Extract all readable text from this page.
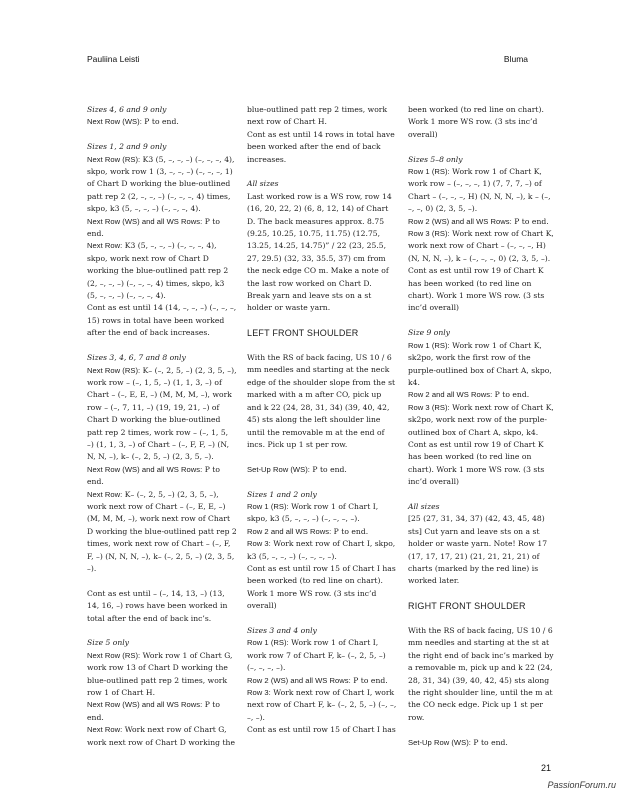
Pauliina Leisti	Bluma

Sizes 4, 6 and 9 only

Next Row (WS): P to end.

Sizes 1, 2 and 9 only

Next Row (RS): K3 (5, –, –, –) (–, –, –, 4), skpo, work row 1 (3, –, –, –) (–, –, –, 1) of Chart D working the blue-outlined patt rep 2 (2, –, –, –) (–, –, –, 4) times, skpo, k3 (5, –, –, –) (–, –, –, 4).

Next Row (WS) and all WS Rows: P to end.

Next Row: K3 (5, –, –, –) (–, –, –, 4), skpo, work next row of Chart D working the blue-outlined patt rep 2 (2, –, –, –) (–, –, –, 4) times, skpo, k3 (5, –, –, –) (–, –, –, 4).

Cont as est until 14 (14, –, –, –) (–, –, –, 15) rows in total have been worked after the end of back increases.

Sizes 3, 4, 6, 7 and 8 only

Next Row (RS): K– (–, 2, 5, –) (2, 3, 5, –), work row – (–, 1, 5, –) (1, 1, 3, –) of Chart – (–, E, E, –) (M, M, M, –), work row – (–, 7, 11, –) (19, 19, 21, –) of Chart D working the blue-outlined patt rep 2 times, work row – (–, 1, 5, –) (1, 1, 3, –) of Chart – (–, F, F, –) (N, N, N, –), k– (–, 2, 5, –) (2, 3, 5, –).

Next Row (WS) and all WS Rows: P to end.

Next Row: K– (–, 2, 5, –) (2, 3, 5, –), work next row of Chart – (–, E, E, –) (M, M, M, –), work next row of Chart D working the blue-outlined patt rep 2 times, work next row of Chart – (–, F, F, –) (N, N, N, –), k– (–, 2, 5, –) (2, 3, 5, –).

Cont as est until – (–, 14, 13, –) (13, 14, 16, –) rows have been worked in total after the end of back inc’s.

Size 5 only

Next Row (RS): Work row 1 of Chart G, work row 13 of Chart D working the blue-outlined patt rep 2 times, work row 1 of Chart H.

Next Row (WS) and all WS Rows: P to end.

Next Row: Work next row of Chart G, work next row of Chart D working the

blue-outlined patt rep 2 times, work next row of Chart H.

Cont as est until 14 rows in total have been worked after the end of back increases.

All sizes

Last worked row is a WS row, row 14 (16, 20, 22, 2) (6, 8, 12, 14) of Chart D. The back measures approx. 8.75 (9.25, 10.25, 10.75, 11.75) (12.75, 13.25, 14.25, 14.75)” / 22 (23, 25.5, 27, 29.5) (32, 33, 35.5, 37) cm from the neck edge CO m. Make a note of the last row worked on Chart D. Break yarn and leave sts on a st holder or waste yarn.

LEFT FRONT SHOULDER

With the RS of back facing, US 10 / 6 mm needles and starting at the neck edge of the shoulder slope from the st marked with a m after CO, pick up and k 22 (24, 28, 31, 34) (39, 40, 42, 45) sts along the left shoulder line until the removable m at the end of incs. Pick up 1 st per row.

Set-Up Row (WS): P to end.

Sizes 1 and 2 only

Row 1 (RS): Work row 1 of Chart I, skpo, k3 (5, –, –, –) (–, –, –, –).

Row 2 and all WS Rows: P to end.

Row 3: Work next row of Chart I, skpo, k3 (5, –, –, –) (–, –, –, –).

Cont as est until row 15 of Chart I has been worked (to red line on chart). Work 1 more WS row. (3 sts inc’d overall)

Sizes 3 and 4 only

Row 1 (RS): Work row 1 of Chart I, work row 7 of Chart F, k– (–, 2, 5, –) (–, –, –, –).

Row 2 (WS) and all WS Rows: P to end.

Row 3: Work next row of Chart I, work next row of Chart F, k– (–, 2, 5, –) (–, –, –, –).

Cont as est until row 15 of Chart I has

been worked (to red line on chart). Work 1 more WS row. (3 sts inc’d overall)

Sizes 5–8 only

Row 1 (RS): Work row 1 of Chart K, work row – (–, –, –, 1) (7, 7, 7, –) of Chart – (–, –, –, H) (N, N, N, –), k – (–, –, –, 0) (2, 3, 5, –).

Row 2 (WS) and all WS Rows: P to end.

Row 3 (RS): Work next row of Chart K, work next row of Chart – (–, –, –, H) (N, N, N, –), k – (–, –, –, 0) (2, 3, 5, –).

Cont as est until row 19 of Chart K has been worked (to red line on chart). Work 1 more WS row. (3 sts inc’d overall)

Size 9 only

Row 1 (RS): Work row 1 of Chart K, sk2po, work the first row of the purple-outlined box of Chart A, skpo, k4.

Row 2 and all WS Rows: P to end.

Row 3 (RS): Work next row of Chart K, sk2po, work next row of the purple-outlined box of Chart A, skpo, k4.

Cont as est until row 19 of Chart K has been worked (to red line on chart). Work 1 more WS row. (3 sts inc’d overall)

All sizes

[25 (27, 31, 34, 37) (42, 43, 45, 48) sts] Cut yarn and leave sts on a st holder or waste yarn. Note! Row 17 (17, 17, 17, 21) (21, 21, 21, 21) of charts (marked by the red line) is worked later.

RIGHT FRONT SHOULDER

With the RS of back facing, US 10 / 6 mm needles and starting at the st at the right end of back inc’s marked by a removable m, pick up and k 22 (24, 28, 31, 34) (39, 40, 42, 45) sts along the right shoulder line, until the m at the CO neck edge. Pick up 1 st per row.

Set-Up Row (WS): P to end.

21
PassionForum.ru
